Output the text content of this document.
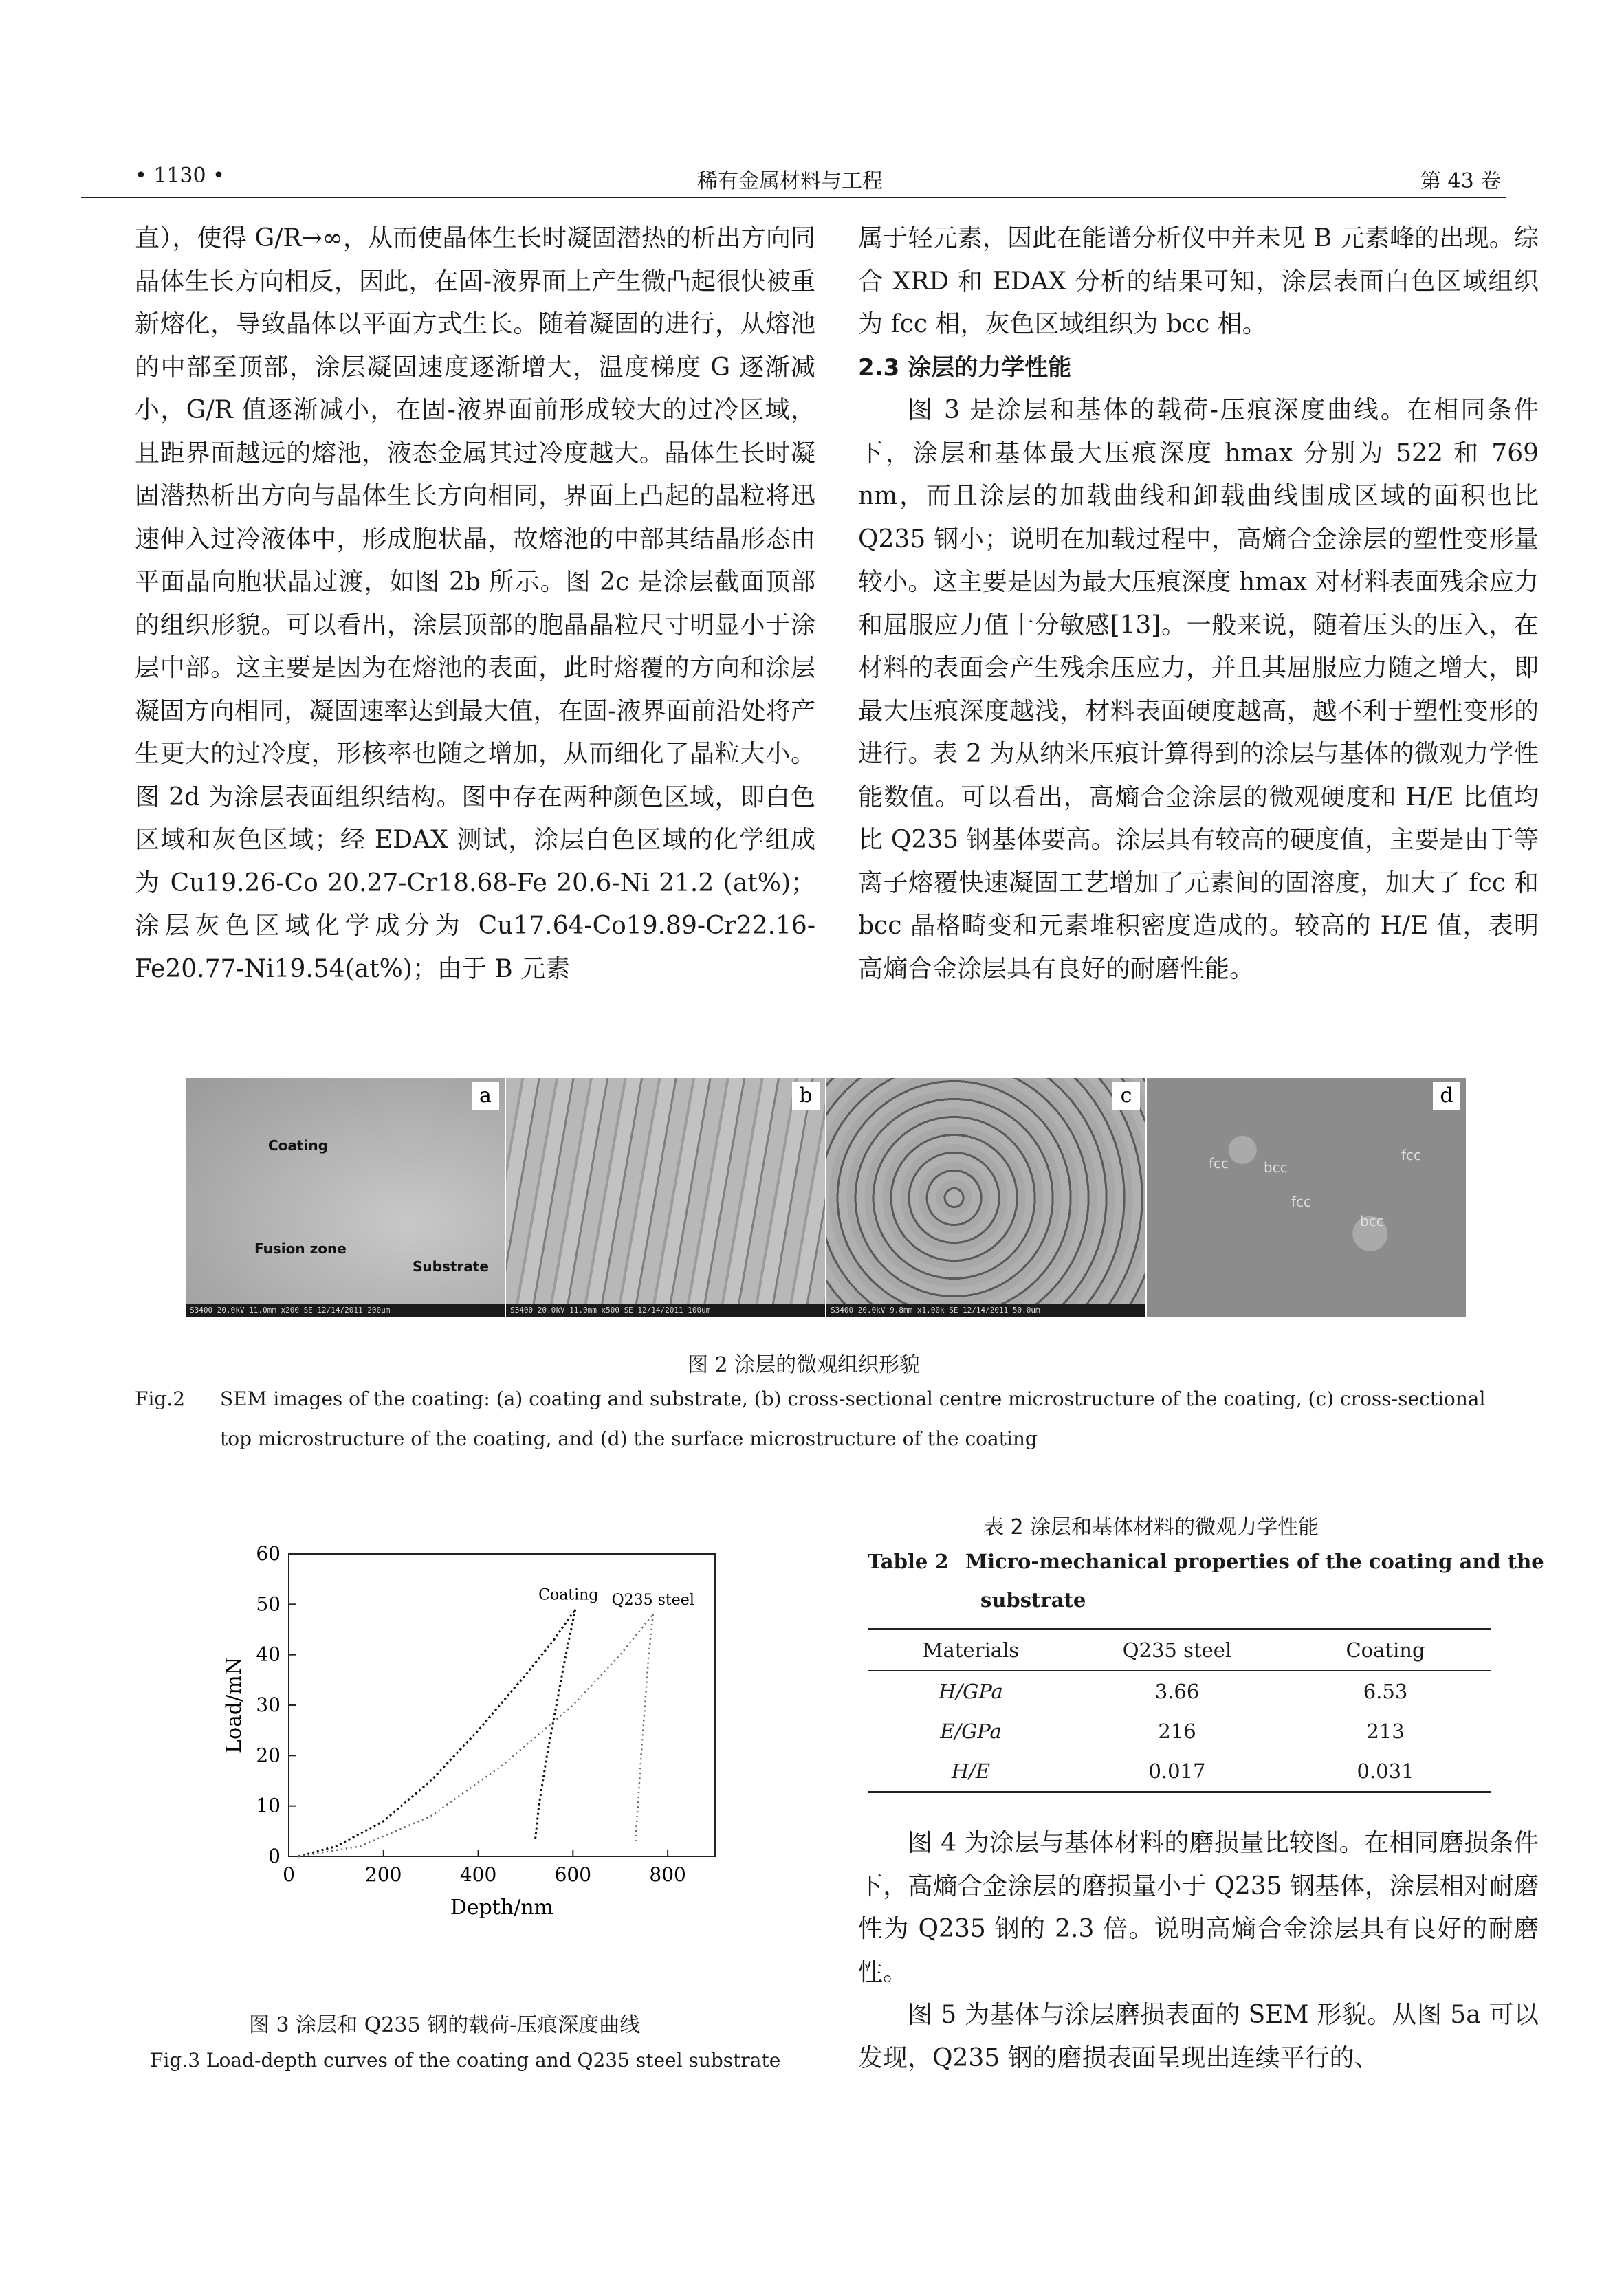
• 1130 •	稀有金属材料与工程	第 43 卷

直），使得 G/R→∞，从而使晶体生长时凝固潜热的析出方向同晶体生长方向相反，因此，在固-液界面上产生微凸起很快被重新熔化，导致晶体以平面方式生长。随着凝固的进行，从熔池的中部至顶部，涂层凝固速度逐渐增大，温度梯度 G 逐渐减小，G/R 值逐渐减小，在固-液界面前形成较大的过冷区域，且距界面越远的熔池，液态金属其过冷度越大。晶体生长时凝固潜热析出方向与晶体生长方向相同，界面上凸起的晶粒将迅速伸入过冷液体中，形成胞状晶，故熔池的中部其结晶形态由平面晶向胞状晶过渡，如图 2b 所示。图 2c 是涂层截面顶部的组织形貌。可以看出，涂层顶部的胞晶晶粒尺寸明显小于涂层中部。这主要是因为在熔池的表面，此时熔覆的方向和涂层凝固方向相同，凝固速率达到最大值，在固-液界面前沿处将产生更大的过冷度，形核率也随之增加，从而细化了晶粒大小。图 2d 为涂层表面组织结构。图中存在两种颜色区域，即白色区域和灰色区域；经 EDAX 测试，涂层白色区域的化学组成为 Cu19.26-Co 20.27-Cr18.68-Fe 20.6-Ni 21.2 (at%)；涂层灰色区域化学成分为 Cu17.64-Co19.89-Cr22.16-Fe20.77-Ni19.54(at%)；由于 B 元素

属于轻元素，因此在能谱分析仪中并未见 B 元素峰的出现。综合 XRD 和 EDAX 分析的结果可知，涂层表面白色区域组织为 fcc 相，灰色区域组织为 bcc 相。

2.3 涂层的力学性能

图 3 是涂层和基体的载荷-压痕深度曲线。在相同条件下，涂层和基体最大压痕深度 hmax 分别为 522 和 769 nm，而且涂层的加载曲线和卸载曲线围成区域的面积也比 Q235 钢小；说明在加载过程中，高熵合金涂层的塑性变形量较小。这主要是因为最大压痕深度 hmax 对材料表面残余应力和屈服应力值十分敏感[13]。一般来说，随着压头的压入，在材料的表面会产生残余压应力，并且其屈服应力随之增大，即最大压痕深度越浅，材料表面硬度越高，越不利于塑性变形的进行。表 2 为从纳米压痕计算得到的涂层与基体的微观力学性能数值。可以看出，高熵合金涂层的微观硬度和 H/E 比值均比 Q235 钢基体要高。涂层具有较高的硬度值，主要是由于等离子熔覆快速凝固工艺增加了元素间的固溶度，加大了 fcc 和 bcc 晶格畸变和元素堆积密度造成的。较高的 H/E 值，表明高熵合金涂层具有良好的耐磨性能。

a
Coating
Fusion zone
Substrate
S3400 20.0kV 11.0mm x200 SE 12/14/2011 200um
b
S3400 20.0kV 11.0mm x500 SE 12/14/2011 100um
c
S3400 20.0kV 9.8mm x1.00k SE 12/14/2011 50.0um
d
fcc	bcc
fcc
fcc
bcc
图 2 涂层的微观组织形貌
Fig.2 SEM images of the coating: (a) coating and substrate, (b) cross-sectional centre microstructure of the coating, (c) cross-sectional top microstructure of the coating, and (d) the surface microstructure of the coating
0	200	400	600	800
0
10
20
30
40
50
60
Depth/nm
Load/mN
Coating Q235 steel
图 3 涂层和 Q235 钢的载荷-压痕深度曲线
Fig.3 Load-depth curves of the coating and Q235 steel substrate
表 2 涂层和基体材料的微观力学性能
Table 2 Micro-mechanical properties of the coating and the
substrate
Materials	Q235 steel	Coating
H/GPa	3.66	6.53
E/GPa	216	213
H/E	0.017	0.031

图 4 为涂层与基体材料的磨损量比较图。在相同磨损条件下，高熵合金涂层的磨损量小于 Q235 钢基体，涂层相对耐磨性为 Q235 钢的 2.3 倍。说明高熵合金涂层具有良好的耐磨性。

图 5 为基体与涂层磨损表面的 SEM 形貌。从图 5a 可以发现，Q235 钢的磨损表面呈现出连续平行的、
